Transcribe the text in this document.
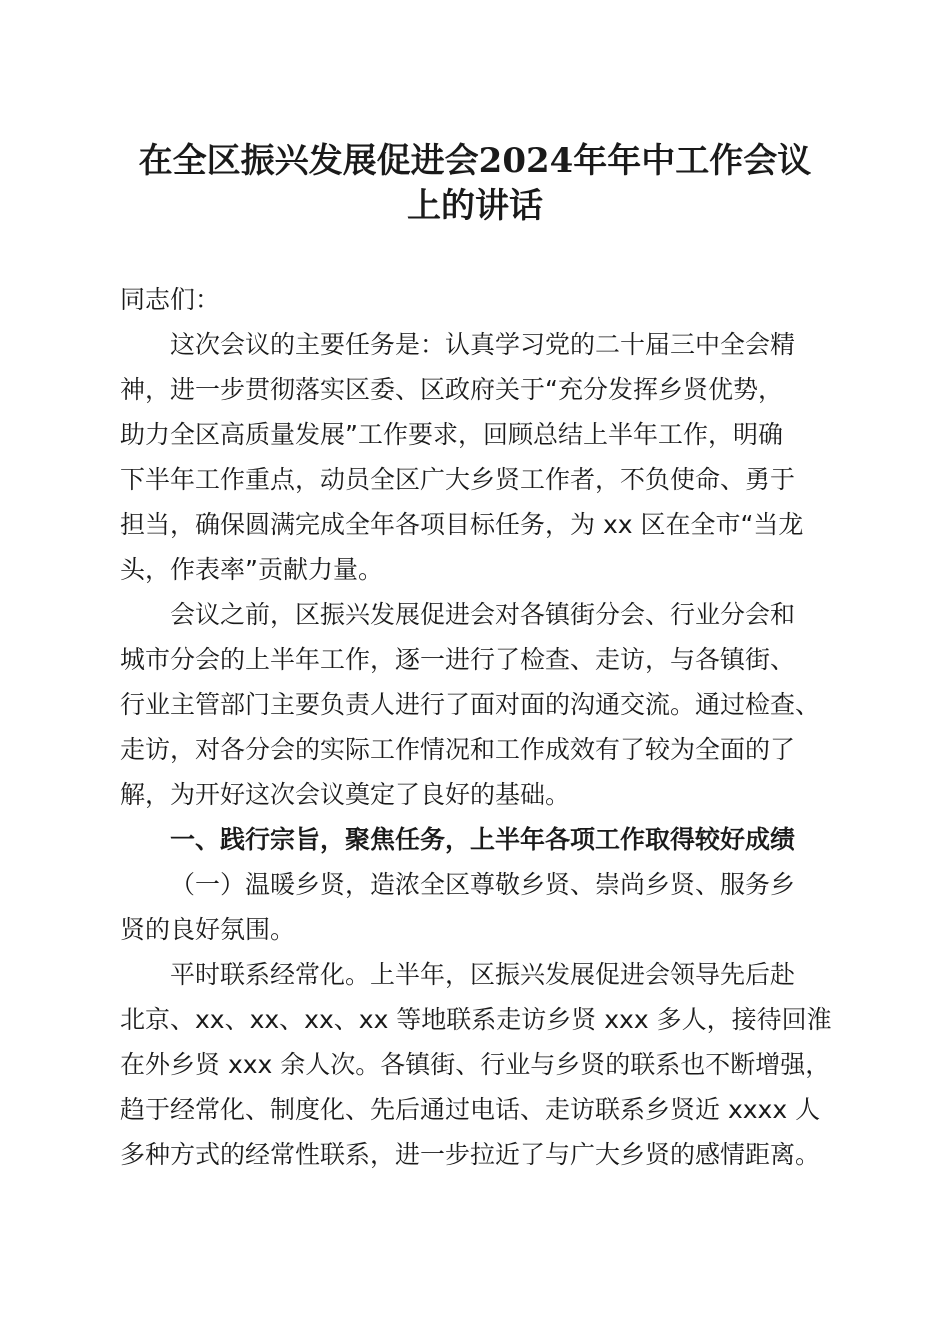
在全区振兴发展促进会2024年年中工作会议
上的讲话
同志们：
这次会议的主要任务是：认真学习党的二十届三中全会精
神，进一步贯彻落实区委、区政府关于“充分发挥乡贤优势，
助力全区高质量发展”工作要求，回顾总结上半年工作，明确
下半年工作重点，动员全区广大乡贤工作者，不负使命、勇于
担当，确保圆满完成全年各项目标任务，为 xx 区在全市“当龙
头，作表率”贡献力量。
会议之前，区振兴发展促进会对各镇街分会、行业分会和
城市分会的上半年工作，逐一进行了检查、走访，与各镇街、
行业主管部门主要负责人进行了面对面的沟通交流。通过检查、
走访，对各分会的实际工作情况和工作成效有了较为全面的了
解，为开好这次会议奠定了良好的基础。
一、践行宗旨，聚焦任务，上半年各项工作取得较好成绩
（一）温暖乡贤，造浓全区尊敬乡贤、崇尚乡贤、服务乡
贤的良好氛围。
平时联系经常化。上半年，区振兴发展促进会领导先后赴
北京、xx、xx、xx、xx 等地联系走访乡贤 xxx 多人，接待回淮
在外乡贤 xxx 余人次。各镇街、行业与乡贤的联系也不断增强，
趋于经常化、制度化、先后通过电话、走访联系乡贤近 xxxx 人
多种方式的经常性联系，进一步拉近了与广大乡贤的感情距离。
